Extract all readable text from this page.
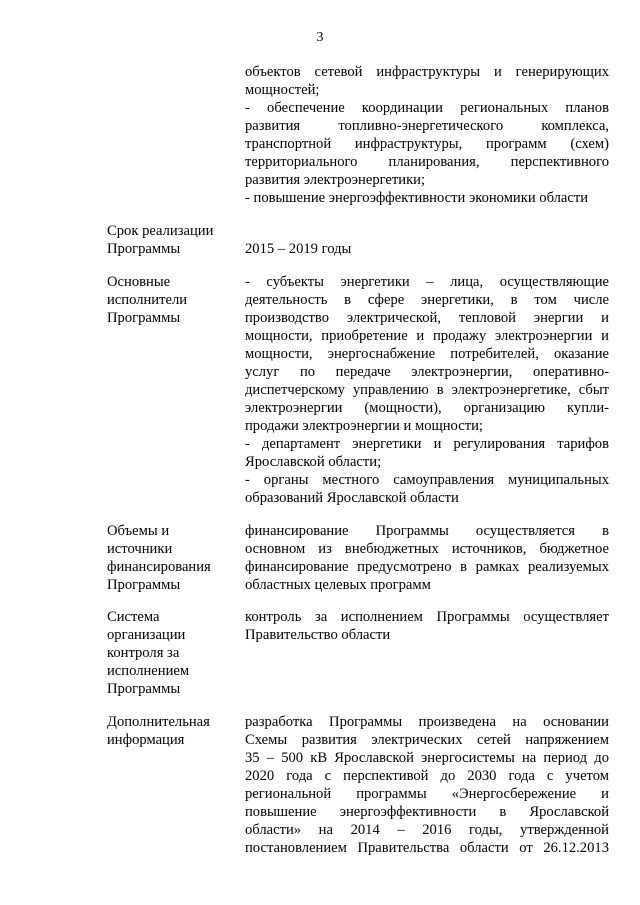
3
объектов сетевой инфраструктуры и генерирующих
мощностей;
- обеспечение координации региональных планов
развития топливно-энергетического комплекса,
транспортной инфраструктуры, программ (схем)
территориального планирования, перспективного
развития электроэнергетики;
- повышение энергоэффективности экономики области
Срок реализации
Программы	2015 – 2019 годы
Основные
исполнители
Программы
- субъекты энергетики – лица, осуществляющие
деятельность в сфере энергетики, в том числе
производство электрической, тепловой энергии и
мощности, приобретение и продажу электроэнергии и
мощности, энергоснабжение потребителей, оказание
услуг по передаче электроэнергии, оперативно-
диспетчерскому управлению в электроэнергетике, сбыт
электроэнергии (мощности), организацию купли-
продажи электроэнергии и мощности;
- департамент энергетики и регулирования тарифов
Ярославской области;
- органы местного самоуправления муниципальных
образований Ярославской области
Объемы и
источники
финансирования
Программы
финансирование Программы осуществляется в
основном из внебюджетных источников, бюджетное
финансирование предусмотрено в рамках реализуемых
областных целевых программ
Система
организации
контроля за
исполнением
Программы
контроль за исполнением Программы осуществляет
Правительство области
Дополнительная
информация
разработка Программы произведена на основании
Схемы развития электрических сетей напряжением
35 – 500 кВ Ярославской энергосистемы на период до
2020 года с перспективой до 2030 года с учетом
региональной программы «Энергосбережение и
повышение энергоэффективности в Ярославской
области» на 2014 – 2016 годы, утвержденной
постановлением Правительства области от 26.12.2013
